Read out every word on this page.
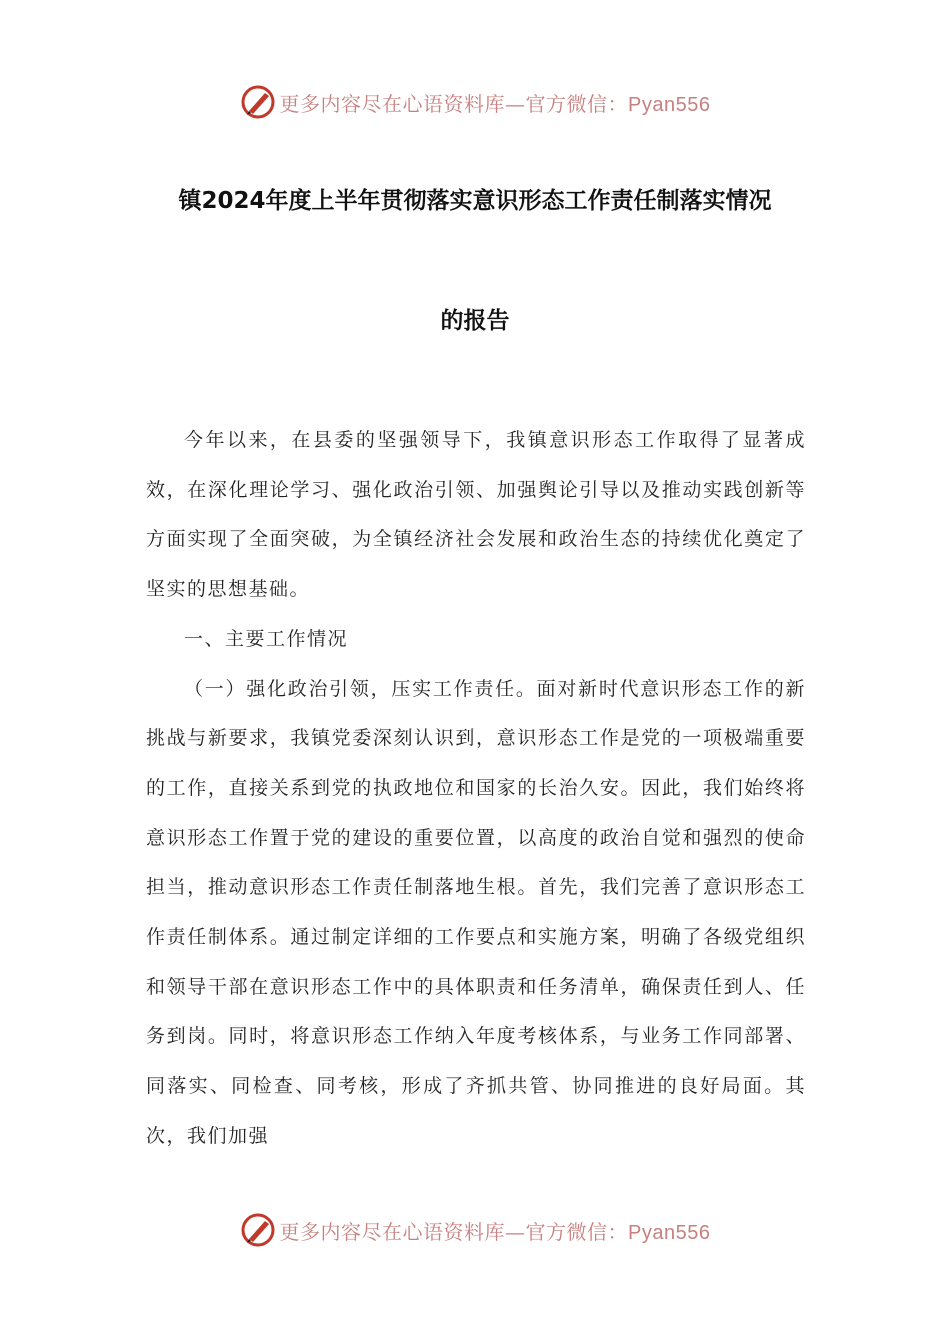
更多内容尽在心语资料库—官方微信：Pyan556
镇2024年度上半年贯彻落实意识形态工作责任制落实情况
的报告

今年以来，在县委的坚强领导下，我镇意识形态工作取得了显著成效，在深化理论学习、强化政治引领、加强舆论引导以及推动实践创新等方面实现了全面突破，为全镇经济社会发展和政治生态的持续优化奠定了坚实的思想基础。

一、主要工作情况

（一）强化政治引领，压实工作责任。面对新时代意识形态工作的新挑战与新要求，我镇党委深刻认识到，意识形态工作是党的一项极端重要的工作，直接关系到党的执政地位和国家的长治久安。因此，我们始终将意识形态工作置于党的建设的重要位置，以高度的政治自觉和强烈的使命担当，推动意识形态工作责任制落地生根。首先，我们完善了意识形态工作责任制体系。通过制定详细的工作要点和实施方案，明确了各级党组织和领导干部在意识形态工作中的具体职责和任务清单，确保责任到人、任务到岗。同时，将意识形态工作纳入年度考核体系，与业务工作同部署、同落实、同检查、同考核，形成了齐抓共管、协同推进的良好局面。其次，我们加强

更多内容尽在心语资料库—官方微信：Pyan556
